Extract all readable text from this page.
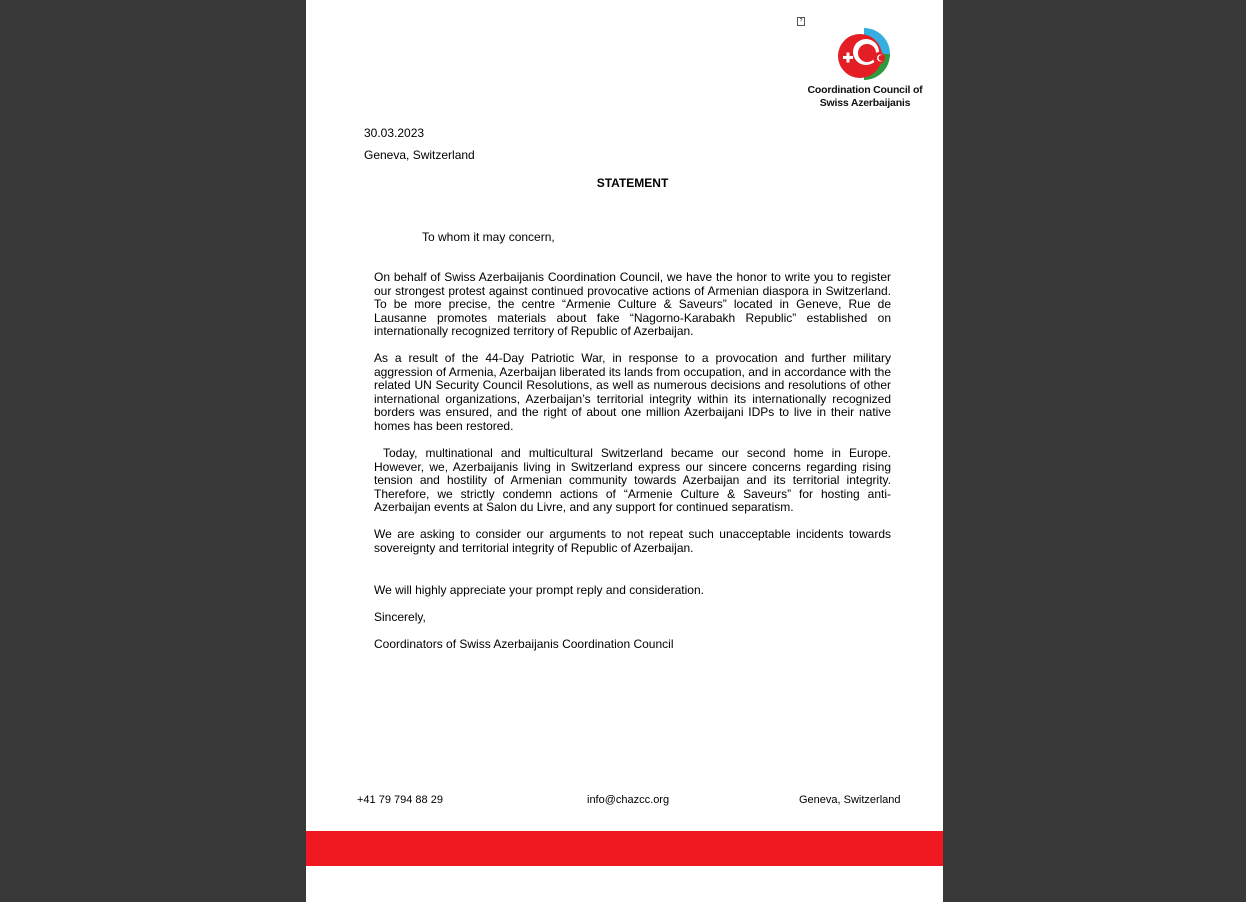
?
Coordination Council of
Swiss Azerbaijanis
30.03.2023
Geneva, Switzerland
STATEMENT
To whom it may concern,

On behalf of Swiss Azerbaijanis Coordination Council, we have the honor to write you to register our strongest protest against continued provocative actions of Armenian diaspora in Switzerland. To be more precise, the centre “Armenie Culture & Saveurs” located in Geneve, Rue de Lausanne promotes materials about fake “Nagorno-Karabakh Republic” established on internationally recognized territory of Republic of Azerbaijan.

As a result of the 44-Day Patriotic War, in response to a provocation and further military aggression of Armenia, Azerbaijan liberated its lands from occupation, and in accordance with the related UN Security Council Resolutions, as well as numerous decisions and resolutions of other international organizations, Azerbaijan’s territorial integrity within its internationally recognized borders was ensured, and the right of about one million Azerbaijani IDPs to live in their native homes has been restored.

Today, multinational and multicultural Switzerland became our second home in Europe. However, we, Azerbaijanis living in Switzerland express our sincere concerns regarding rising tension and hostility of Armenian community towards Azerbaijan and its territorial integrity. Therefore, we strictly condemn actions of “Armenie Culture & Saveurs” for hosting anti-Azerbaijan events at Salon du Livre, and any support for continued separatism.

We are asking to consider our arguments to not repeat such unacceptable incidents towards sovereignty and territorial integrity of Republic of Azerbaijan.

We will highly appreciate your prompt reply and consideration.

Sincerely,

Coordinators of Swiss Azerbaijanis Coordination Council

+41 79 794 88 29	info@chazcc.org	Geneva, Switzerland
